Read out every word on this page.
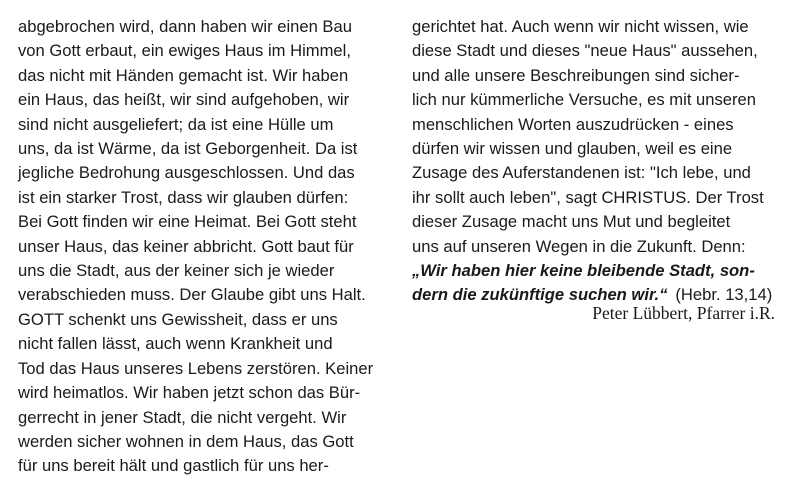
abgebrochen wird, dann haben wir einen Bau
von Gott erbaut, ein ewiges Haus im Himmel,
das nicht mit Händen gemacht ist. Wir haben
ein Haus, das heißt, wir sind aufgehoben, wir
sind nicht ausgeliefert; da ist eine Hülle um
uns, da ist Wärme, da ist Geborgenheit. Da ist
jegliche Bedrohung ausgeschlossen. Und das
ist ein starker Trost, dass wir glauben dürfen:
Bei Gott finden wir eine Heimat. Bei Gott steht
unser Haus, das keiner abbricht. Gott baut für
uns die Stadt, aus der keiner sich je wieder
verabschieden muss. Der Glaube gibt uns Halt.
GOTT schenkt uns Gewissheit, dass er uns
nicht fallen lässt, auch wenn Krankheit und
Tod das Haus unseres Lebens zerstören. Keiner
wird heimatlos. Wir haben jetzt schon das Bür-
gerrecht in jener Stadt, die nicht vergeht. Wir
werden sicher wohnen in dem Haus, das Gott
für uns bereit hält und gastlich für uns her-
gerichtet hat. Auch wenn wir nicht wissen, wie
diese Stadt und dieses "neue Haus" aussehen,
und alle unsere Beschreibungen sind sicher-
lich nur kümmerliche Versuche, es mit unseren
menschlichen Worten auszudrücken - eines
dürfen wir wissen und glauben, weil es eine
Zusage des Auferstandenen ist: "Ich lebe, und
ihr sollt auch leben", sagt CHRISTUS. Der Trost
dieser Zusage macht uns Mut und begleitet
uns auf unseren Wegen in die Zukunft. Denn:
„Wir haben hier keine bleibende Stadt, son-
dern die zukünftige suchen wir.“ (Hebr. 13,14)
Peter Lübbert, Pfarrer i.R.
